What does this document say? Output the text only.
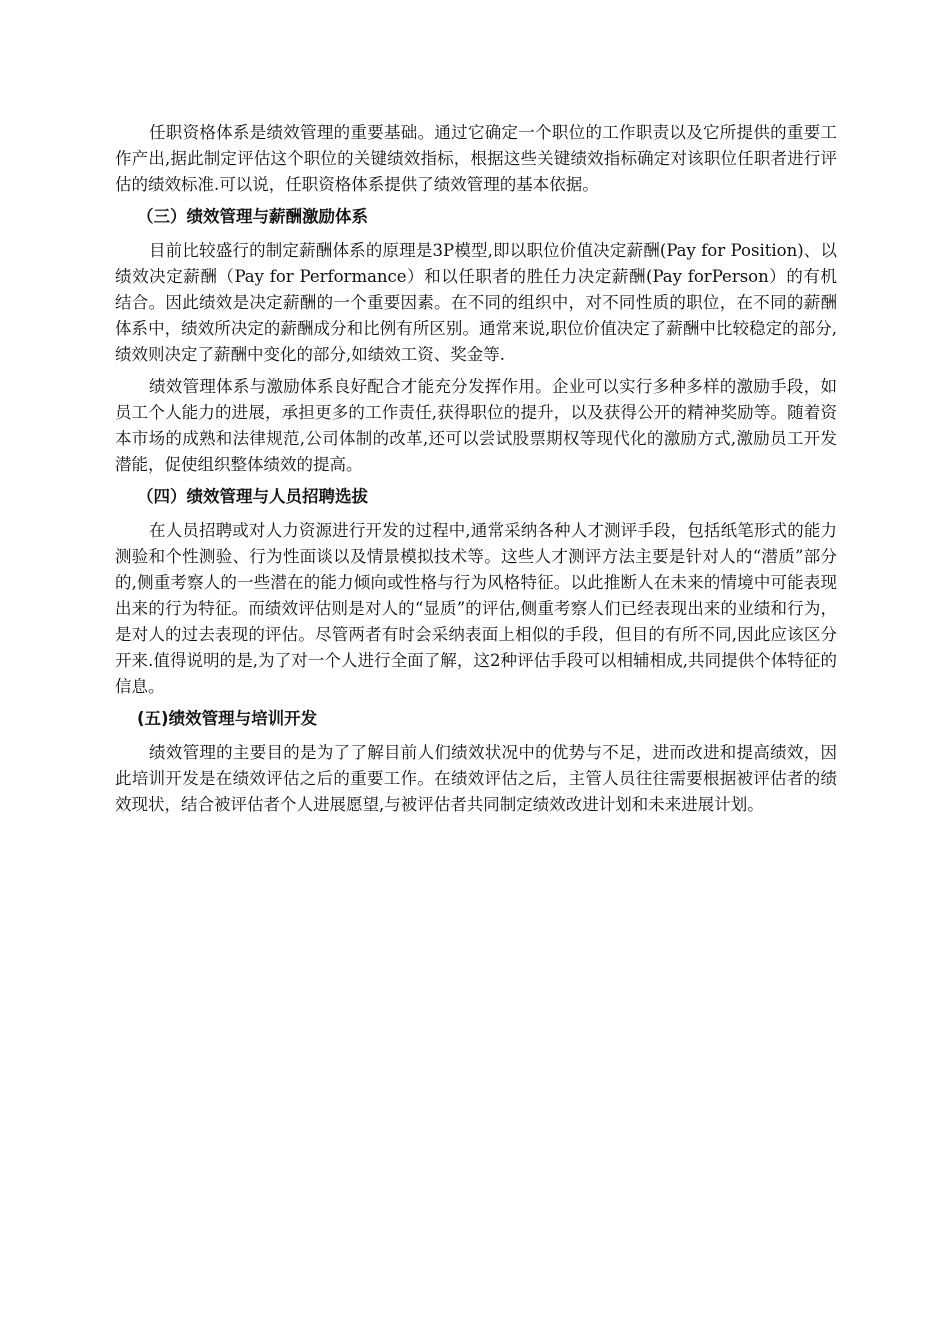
任职资格体系是绩效管理的重要基础。通过它确定一个职位的工作职责以及它所提供的重要工作产出,据此制定评估这个职位的关键绩效指标，根据这些关键绩效指标确定对该职位任职者进行评估的绩效标准.可以说，任职资格体系提供了绩效管理的基本依据。

（三）绩效管理与薪酬激励体系

目前比较盛行的制定薪酬体系的原理是3P模型,即以职位价值决定薪酬(Pay for Position)、以绩效决定薪酬（Pay for Performance）和以任职者的胜任力决定薪酬(Pay forPerson）的有机结合。因此绩效是决定薪酬的一个重要因素。在不同的组织中，对不同性质的职位，在不同的薪酬体系中，绩效所决定的薪酬成分和比例有所区别。通常来说,职位价值决定了薪酬中比较稳定的部分,绩效则决定了薪酬中变化的部分,如绩效工资、奖金等.

绩效管理体系与激励体系良好配合才能充分发挥作用。企业可以实行多种多样的激励手段，如员工个人能力的进展，承担更多的工作责任,获得职位的提升，以及获得公开的精神奖励等。随着资本市场的成熟和法律规范,公司体制的改革,还可以尝试股票期权等现代化的激励方式,激励员工开发潜能，促使组织整体绩效的提高。

（四）绩效管理与人员招聘选拔

在人员招聘或对人力资源进行开发的过程中,通常采纳各种人才测评手段，包括纸笔形式的能力测验和个性测验、行为性面谈以及情景模拟技术等。这些人才测评方法主要是针对人的“潜质”部分的,侧重考察人的一些潜在的能力倾向或性格与行为风格特征。以此推断人在未来的情境中可能表现出来的行为特征。而绩效评估则是对人的“显质”的评估,侧重考察人们已经表现出来的业绩和行为，是对人的过去表现的评估。尽管两者有时会采纳表面上相似的手段，但目的有所不同,因此应该区分开来.值得说明的是,为了对一个人进行全面了解，这2种评估手段可以相辅相成,共同提供个体特征的信息。

(五)绩效管理与培训开发

绩效管理的主要目的是为了了解目前人们绩效状况中的优势与不足，进而改进和提高绩效，因此培训开发是在绩效评估之后的重要工作。在绩效评估之后，主管人员往往需要根据被评估者的绩效现状，结合被评估者个人进展愿望,与被评估者共同制定绩效改进计划和未来进展计划。
